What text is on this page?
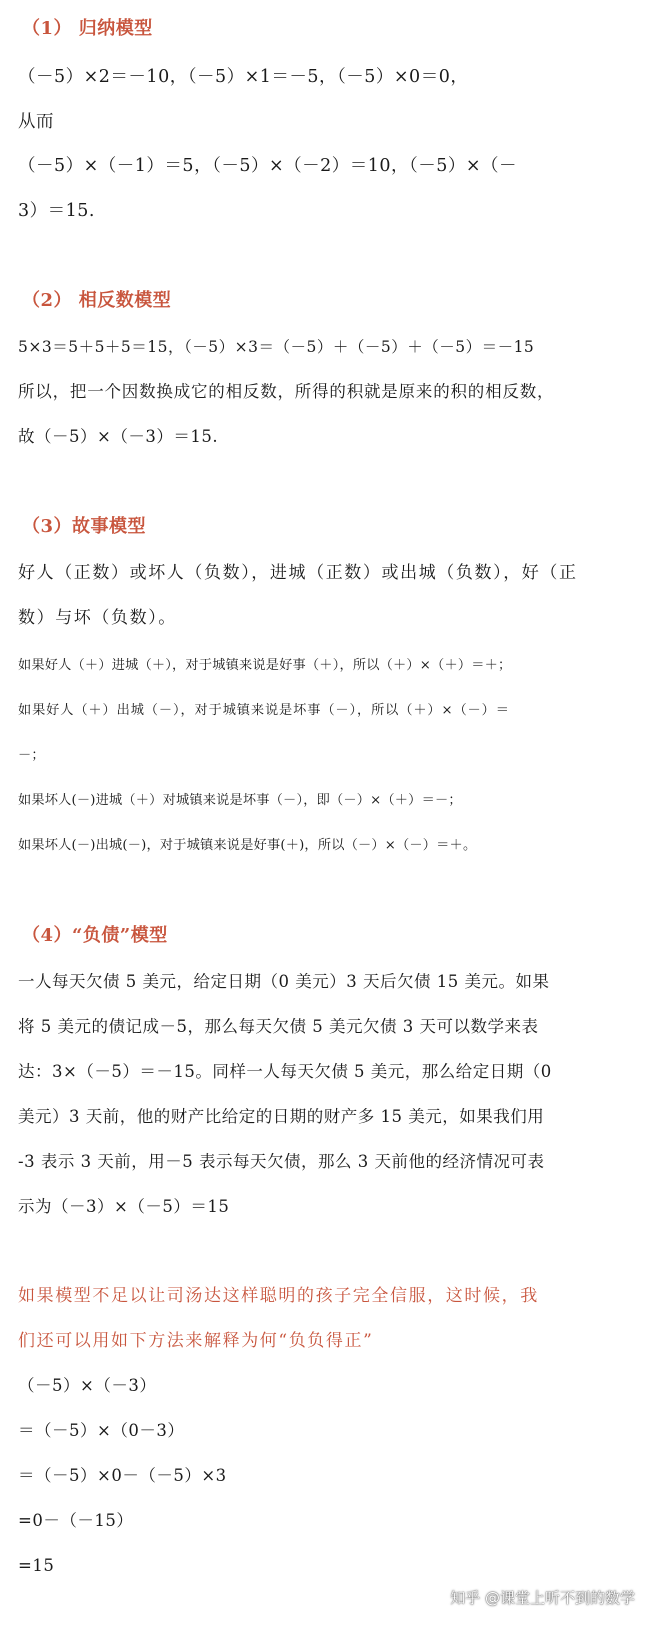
（1） 归纳模型
（－5）×2＝－10，（－5）×1＝－5，（－5）×0＝0，
从而
（－5）×（－1）＝5，（－5）×（－2）＝10，（－5）×（－
3）＝15.
（2） 相反数模型
5×3＝5＋5＋5＝15，（－5）×3＝（－5）＋（－5）＋（－5）＝－15
所以，把一个因数换成它的相反数，所得的积就是原来的积的相反数，
故（－5）×（－3）＝15.
（3）故事模型
好人（正数）或坏人（负数），进城（正数）或出城（负数），好（正
数）与坏（负数）。
如果好人（＋）进城（＋），对于城镇来说是好事（＋），所以（＋）×（＋）＝＋；
如果好人（＋）出城（－），对于城镇来说是坏事（－），所以（＋）×（－）＝
－；
如果坏人(－)进城（＋）对城镇来说是坏事（－），即（－）×（＋）＝－；
如果坏人(－)出城(－)，对于城镇来说是好事(＋)，所以（－）×（－）＝＋。
（4）“负债”模型
一人每天欠债 5 美元，给定日期（0 美元）3 天后欠债 15 美元。如果
将 5 美元的债记成－5，那么每天欠债 5 美元欠债 3 天可以数学来表
达：3×（－5）＝－15。同样一人每天欠债 5 美元，那么给定日期（0
美元）3 天前，他的财产比给定的日期的财产多 15 美元，如果我们用
-3 表示 3 天前，用－5 表示每天欠债，那么 3 天前他的经济情况可表
示为（－3）×（－5）＝15
如果模型不足以让司汤达这样聪明的孩子完全信服，这时候，我
们还可以用如下方法来解释为何“负负得正”
（－5）×（－3）
＝（－5）×（0－3）
＝（－5）×0－（－5）×3
=0－（－15）
=15
知乎 @课堂上听不到的数学
